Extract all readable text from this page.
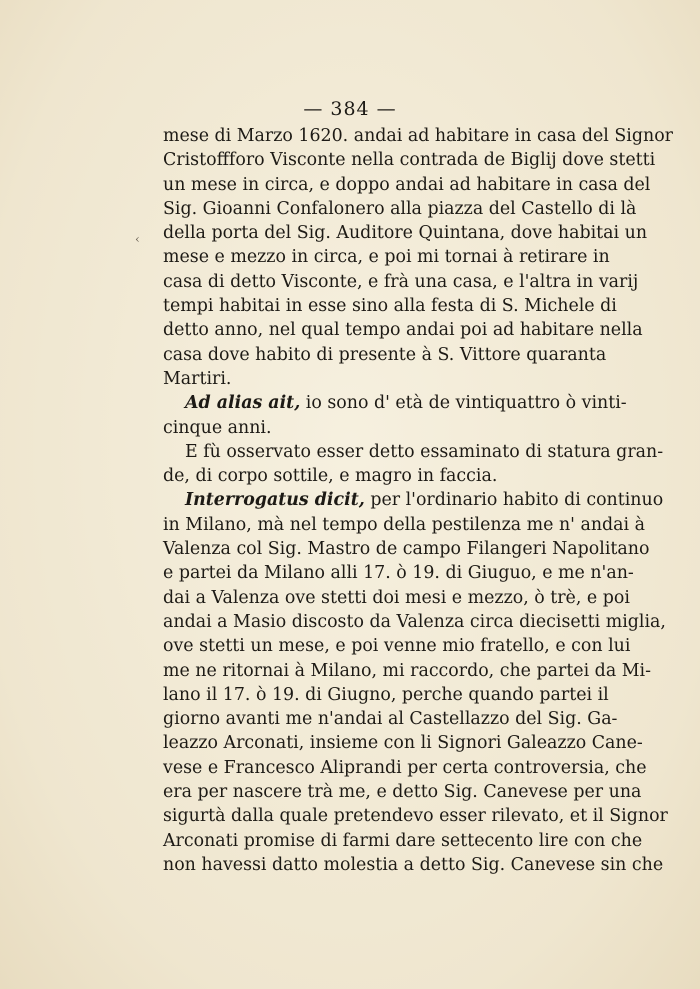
— 384 —
‹
mese di Marzo 1620. andai ad habitare in casa del Signor
Cristoffforo Visconte nella contrada de Biglij dove stetti
un mese in circa, e doppo andai ad habitare in casa del
Sig. Gioanni Confalonero alla piazza del Castello di là
della porta del Sig. Auditore Quintana, dove habitai un
mese e mezzo in circa, e poi mi tornai à retirare in
casa di detto Visconte, e frà una casa, e l'altra in varij
tempi habitai in esse sino alla festa di S. Michele di
detto anno, nel qual tempo andai poi ad habitare nella
casa dove habito di presente à S. Vittore quaranta
Martiri.
Ad alias ait, io sono d' età de vintiquattro ò vinti-
cinque anni.
E fù osservato esser detto essaminato di statura gran-
de, di corpo sottile, e magro in faccia.
Interrogatus dicit, per l'ordinario habito di continuo
in Milano, mà nel tempo della pestilenza me n' andai à
Valenza col Sig. Mastro de campo Filangeri Napolitano
e partei da Milano alli 17. ò 19. di Giuguo, e me n'an-
dai a Valenza ove stetti doi mesi e mezzo, ò trè, e poi
andai a Masio discosto da Valenza circa diecisetti miglia,
ove stetti un mese, e poi venne mio fratello, e con lui
me ne ritornai à Milano, mi raccordo, che partei da Mi-
lano il 17. ò 19. di Giugno, perche quando partei il
giorno avanti me n'andai al Castellazzo del Sig. Ga-
leazzo Arconati, insieme con li Signori Galeazzo Cane-
vese e Francesco Aliprandi per certa controversia, che
era per nascere trà me, e detto Sig. Canevese per una
sigurtà dalla quale pretendevo esser rilevato, et il Signor
Arconati promise di farmi dare settecento lire con che
non havessi datto molestia a detto Sig. Canevese sin che
